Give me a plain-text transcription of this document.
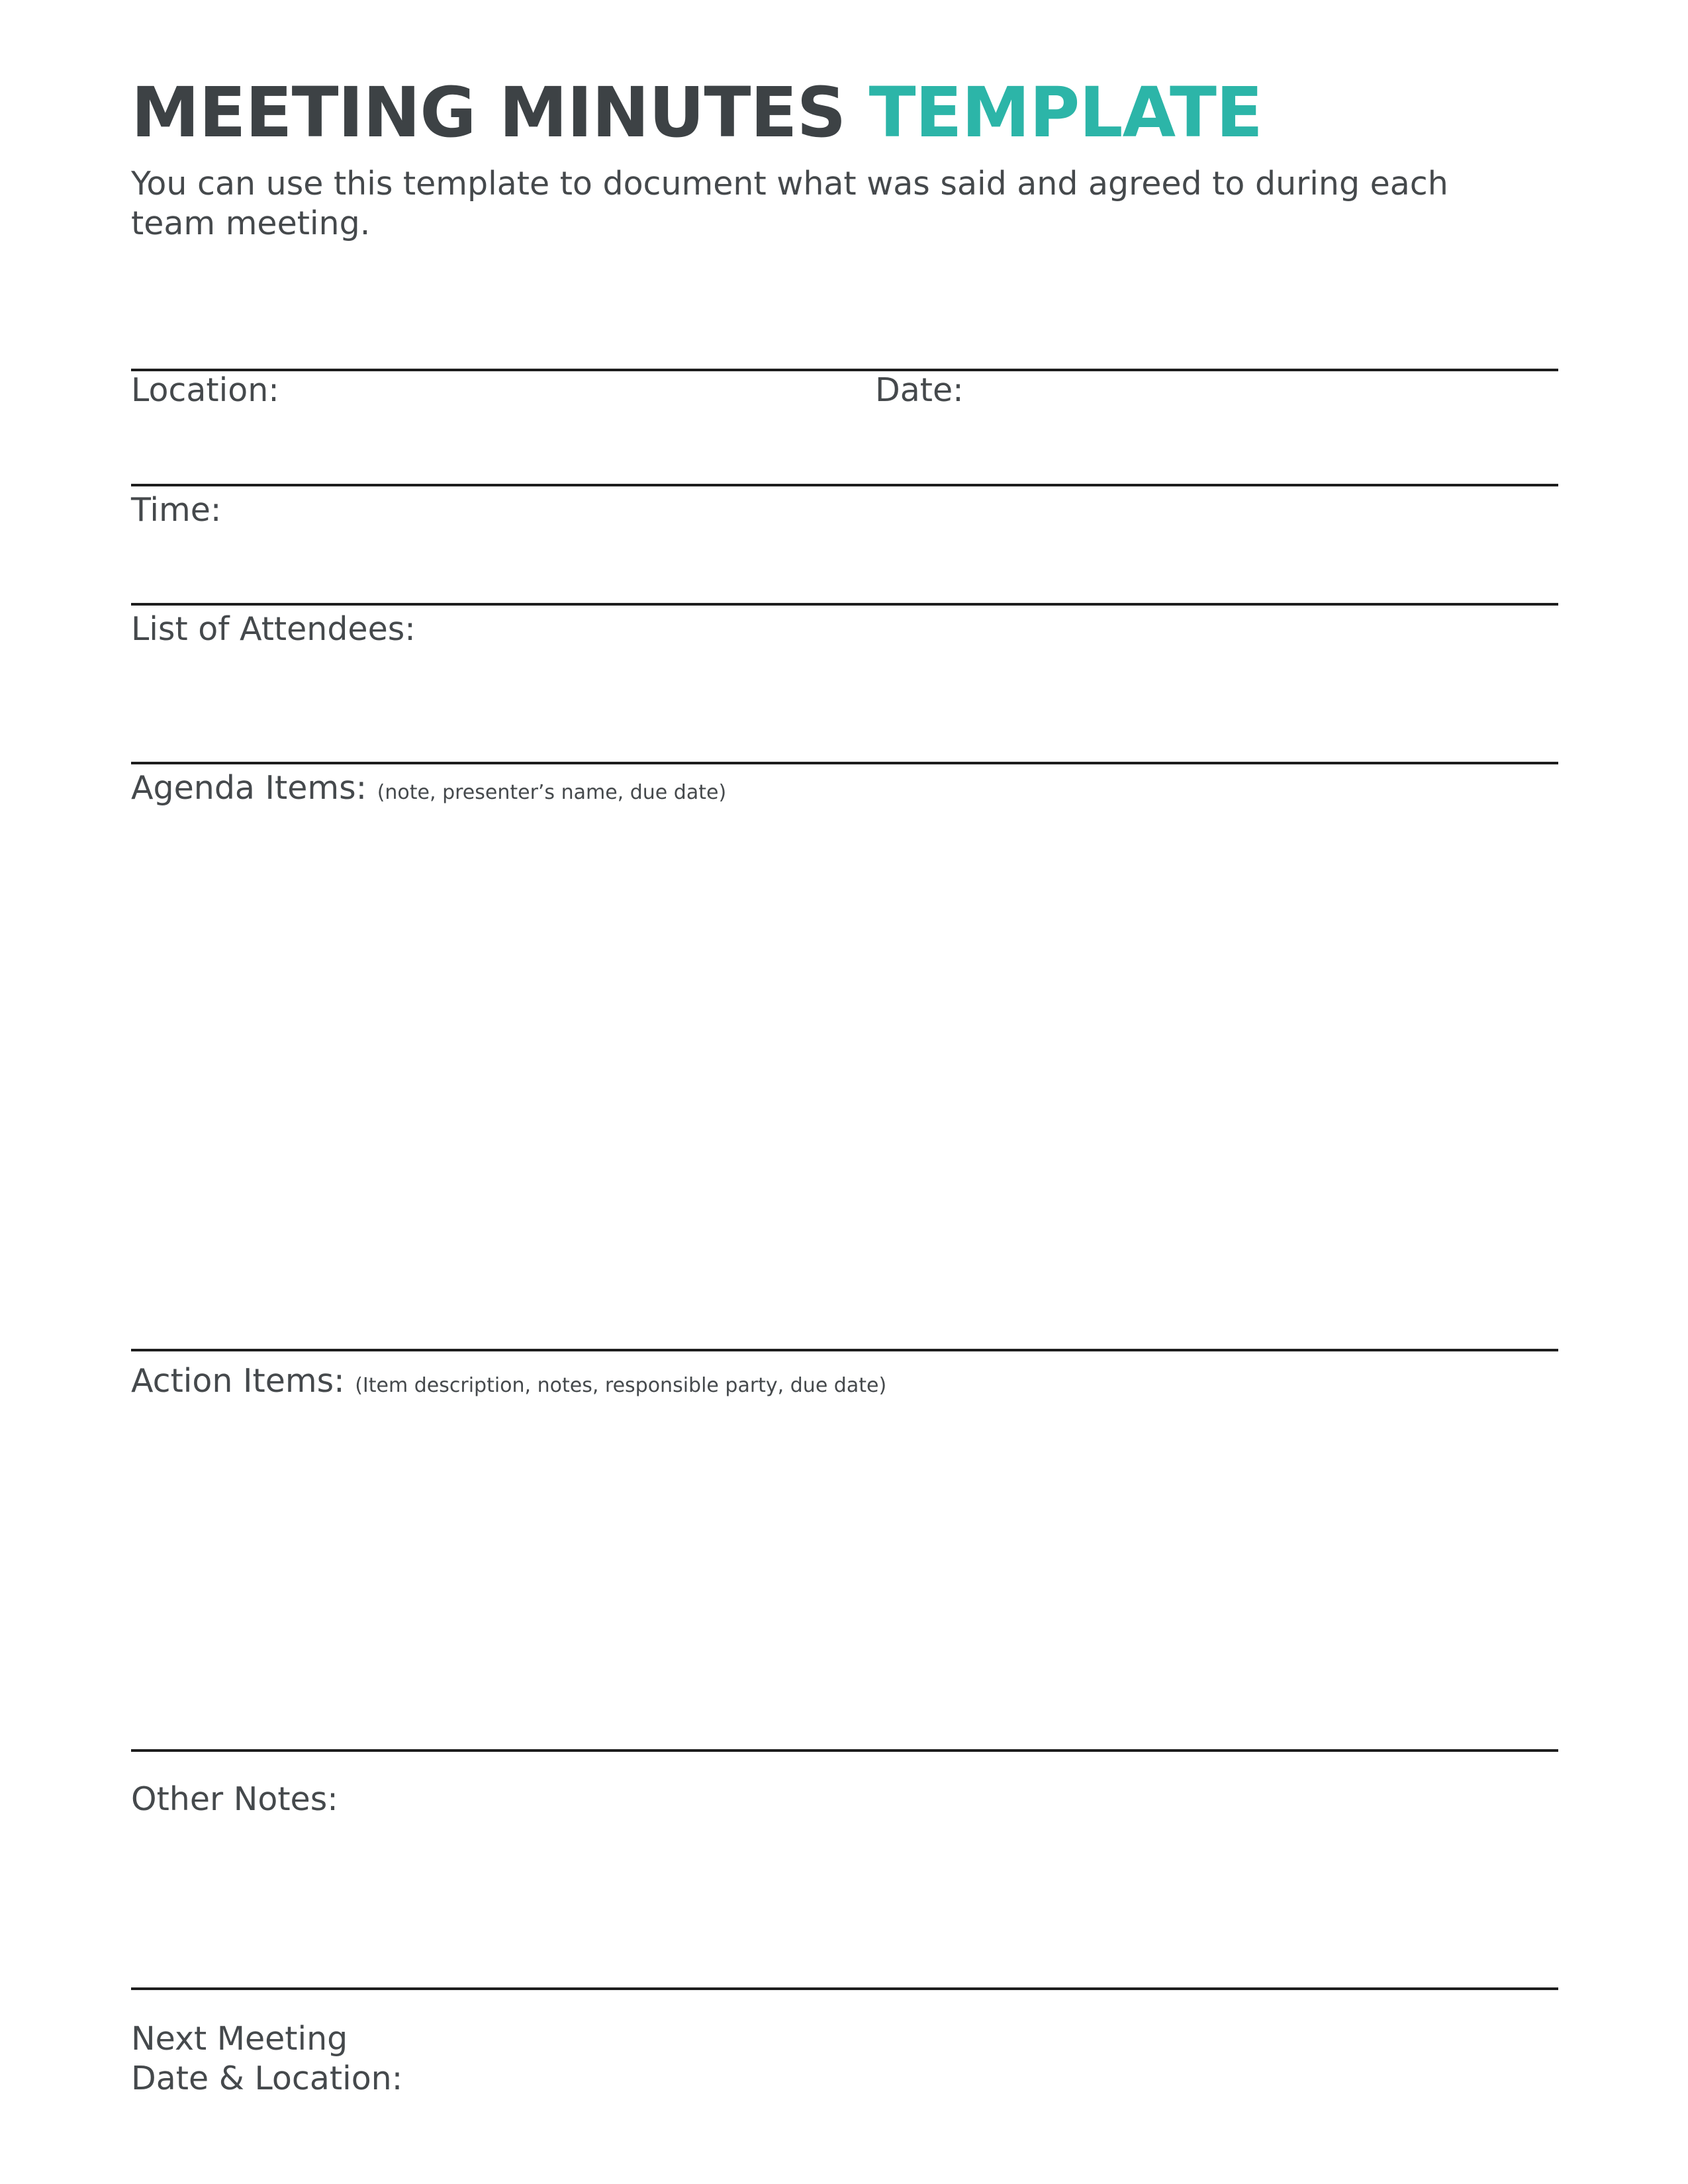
MEETING MINUTES TEMPLATE

You can use this template to document what was said and agreed to during each team meeting.

Location:	Date:

Time:

List of Attendees:

Agenda Items: (note, presenter’s name, due date)

Action Items: (Item description, notes, responsible party, due date)

Other Notes:

Next Meeting
Date & Location:
